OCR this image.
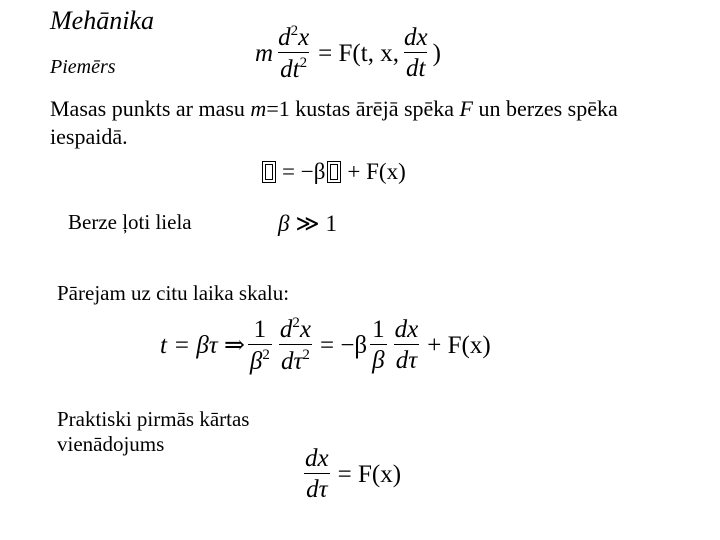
Mehānika
Piemērs
m $\frac{d^2x}{dt^2} = F(t$, x, $\frac{dx}{dt}$ )
Masas punkts ar masu m=1 kustas ārējā spēka F un berzes spēka iespaidā.
= −β + F(x)
Berze ļoti liela	β ≫ 1
Pārejam uz citu laika skalu:
t = βτ ⇒ $\frac{1}{\beta^2} \frac{d^2x}{d\tau^2} = -\beta \frac{1}{\beta} \frac{dx}{d\tau} + F(x)$
Praktiski pirmās kārtas vienādojums
$\frac{dx}{d\tau} = F(x)$
